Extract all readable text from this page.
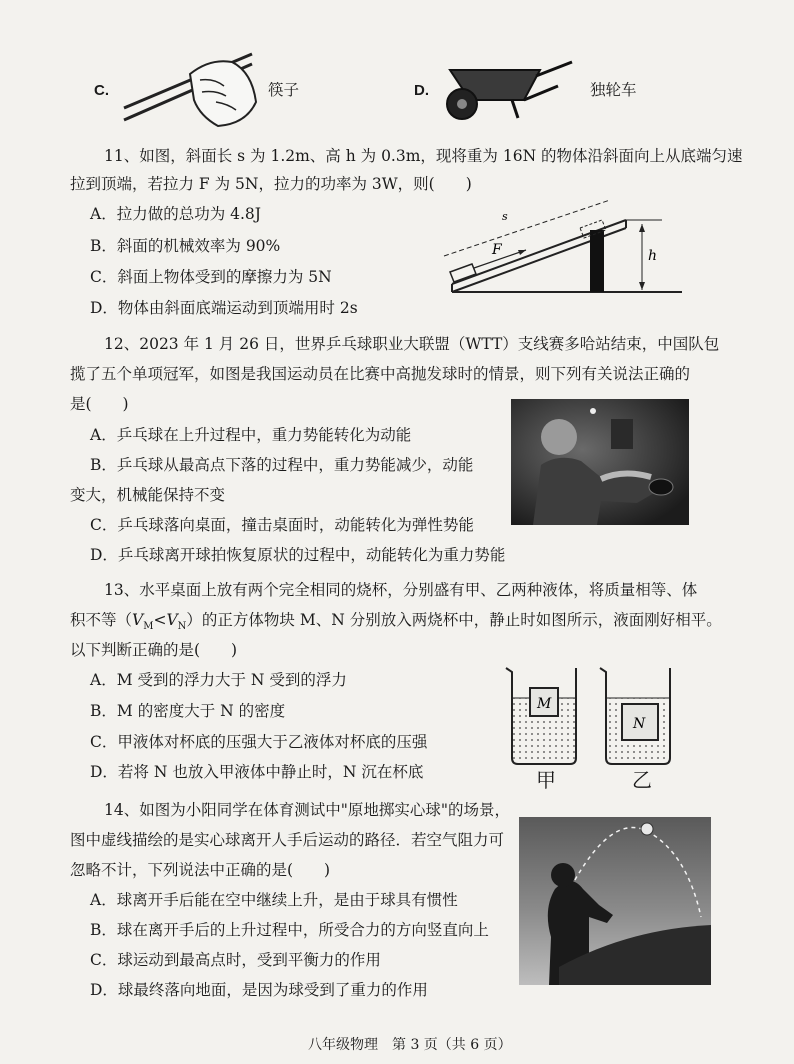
C.	筷子	D.	独轮车
11、如图，斜面长 s 为 1.2m、高 h 为 0.3m，现将重为 16N 的物体沿斜面向上从底端匀速
拉到顶端，若拉力 F 为 5N，拉力的功率为 3W，则(　　)
A．拉力做的总功为 4.8J
B．斜面的机械效率为 90%
C．斜面上物体受到的摩擦力为 5N
D．物体由斜面底端运动到顶端用时 2s
s
F	h
12、2023 年 1 月 26 日，世界乒乓球职业大联盟（WTT）支线赛多哈站结束，中国队包
揽了五个单项冠军，如图是我国运动员在比赛中高抛发球时的情景，则下列有关说法正确的
是(　　)
A．乒乓球在上升过程中，重力势能转化为动能
B．乒乓球从最高点下落的过程中，重力势能减少，动能
变大，机械能保持不变
C．乒乓球落向桌面，撞击桌面时，动能转化为弹性势能
D．乒乓球离开球拍恢复原状的过程中，动能转化为重力势能
13、水平桌面上放有两个完全相同的烧杯，分别盛有甲、乙两种液体，将质量相等、体
积不等$(V_M<V_N)$的正方体物块 M、N 分别放入两烧杯中，静止时如图所示，液面刚好相平。
以下判断正确的是(　　)
A．M 受到的浮力大于 N 受到的浮力
B．M 的密度大于 N 的密度
C．甲液体对杯底的压强大于乙液体对杯底的压强
D．若将 N 也放入甲液体中静止时，N 沉在杯底
M
N
甲	乙
14、如图为小阳同学在体育测试中"原地掷实心球"的场景，
图中虚线描绘的是实心球离开人手后运动的路径．若空气阻力可
忽略不计，下列说法中正确的是(　　)
A．球离开手后能在空中继续上升，是由于球具有惯性
B．球在离开手后的上升过程中，所受合力的方向竖直向上
C．球运动到最高点时，受到平衡力的作用
D．球最终落向地面，是因为球受到了重力的作用
八年级物理　第 3 页（共 6 页）
